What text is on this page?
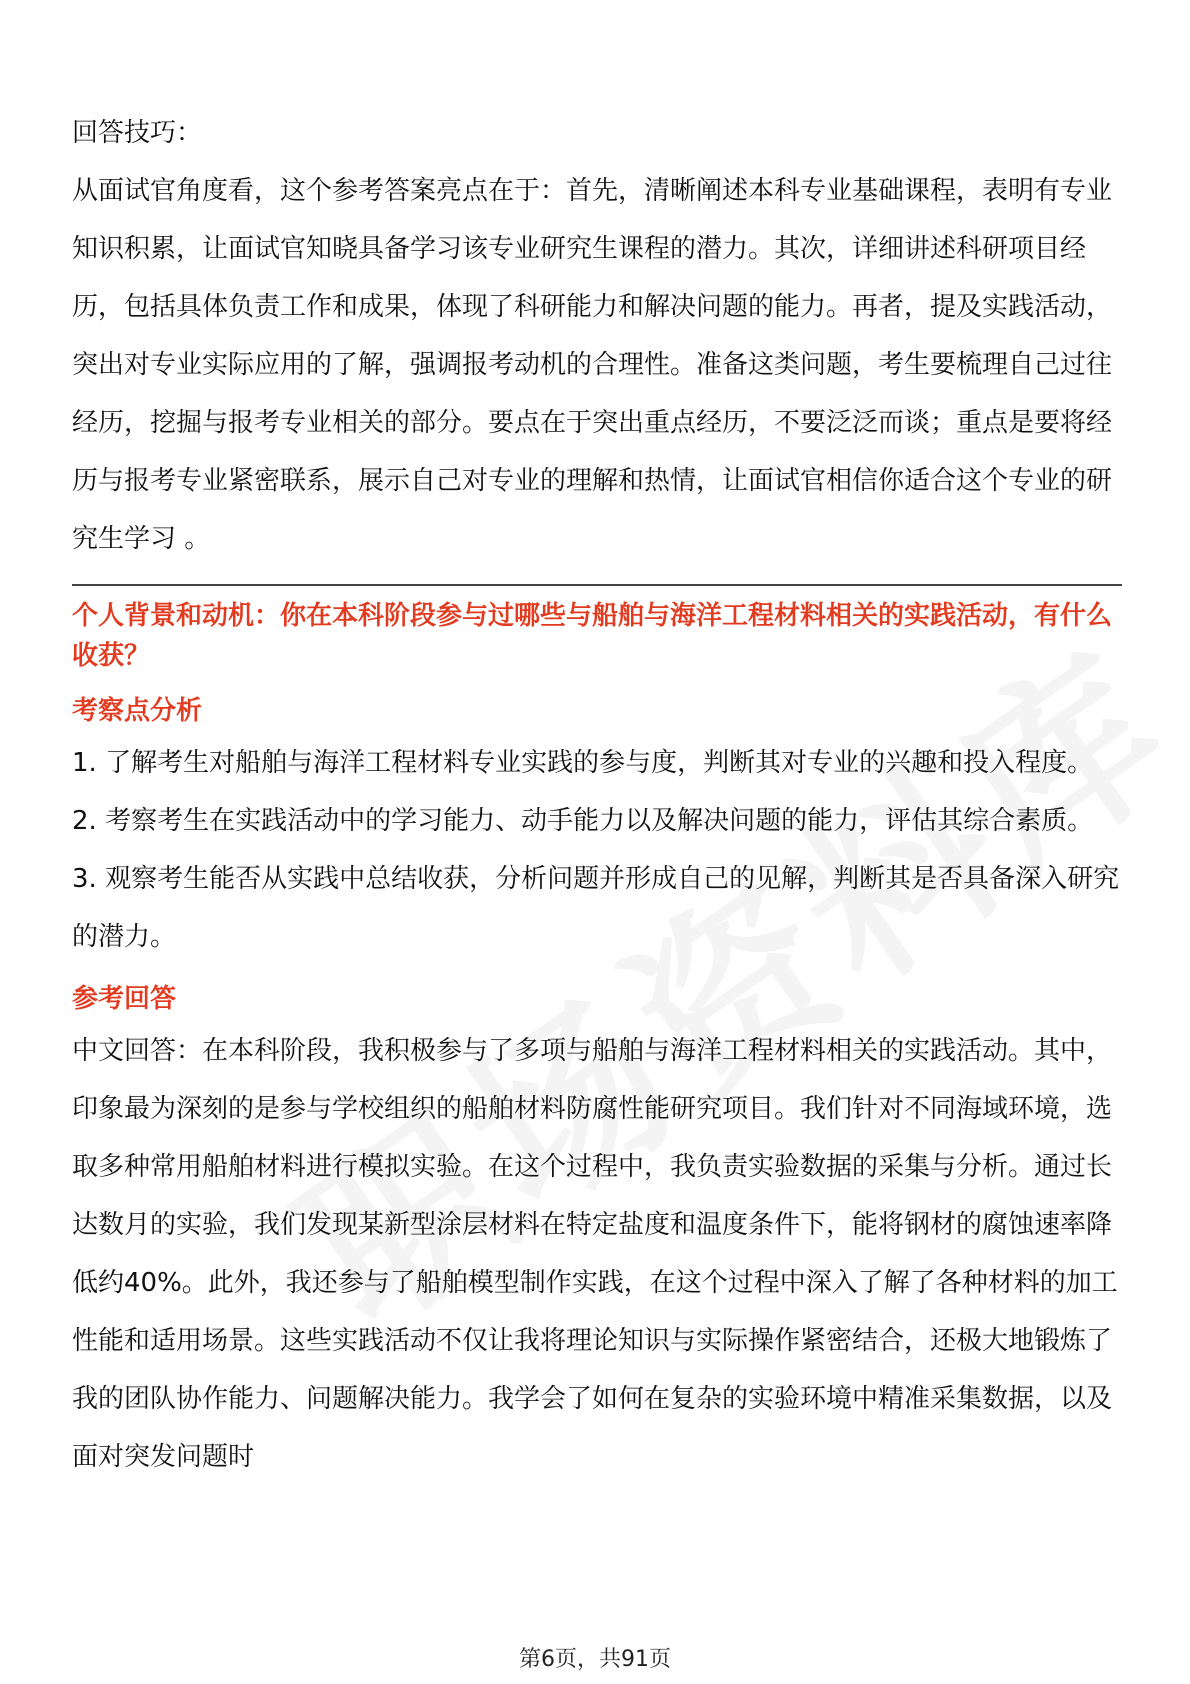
回答技巧：

从面试官角度看，这个参考答案亮点在于：首先，清晰阐述本科专业基础课程，表明有专业知识积累，让面试官知晓具备学习该专业研究生课程的潜力。其次，详细讲述科研项目经历，包括具体负责工作和成果，体现了科研能力和解决问题的能力。再者，提及实践活动，突出对专业实际应用的了解，强调报考动机的合理性。准备这类问题，考生要梳理自己过往经历，挖掘与报考专业相关的部分。要点在于突出重点经历，不要泛泛而谈；重点是要将经历与报考专业紧密联系，展示自己对专业的理解和热情，让面试官相信你适合这个专业的研究生学习 。

个人背景和动机：你在本科阶段参与过哪些与船舶与海洋工程材料相关的实践活动，有什么收获？

考察点分析

1. 了解考生对船舶与海洋工程材料专业实践的参与度，判断其对专业的兴趣和投入程度。

2. 考察考生在实践活动中的学习能力、动手能力以及解决问题的能力，评估其综合素质。

3. 观察考生能否从实践中总结收获，分析问题并形成自己的见解，判断其是否具备深入研究的潜力。

参考回答

中文回答：在本科阶段，我积极参与了多项与船舶与海洋工程材料相关的实践活动。其中，印象最为深刻的是参与学校组织的船舶材料防腐性能研究项目。我们针对不同海域环境，选取多种常用船舶材料进行模拟实验。在这个过程中，我负责实验数据的采集与分析。通过长达数月的实验，我们发现某新型涂层材料在特定盐度和温度条件下，能将钢材的腐蚀速率降低约40%。此外，我还参与了船舶模型制作实践，在这个过程中深入了解了各种材料的加工性能和适用场景。这些实践活动不仅让我将理论知识与实际操作紧密结合，还极大地锻炼了我的团队协作能力、问题解决能力。我学会了如何在复杂的实验环境中精准采集数据，以及面对突发问题时

第6页，共91页
